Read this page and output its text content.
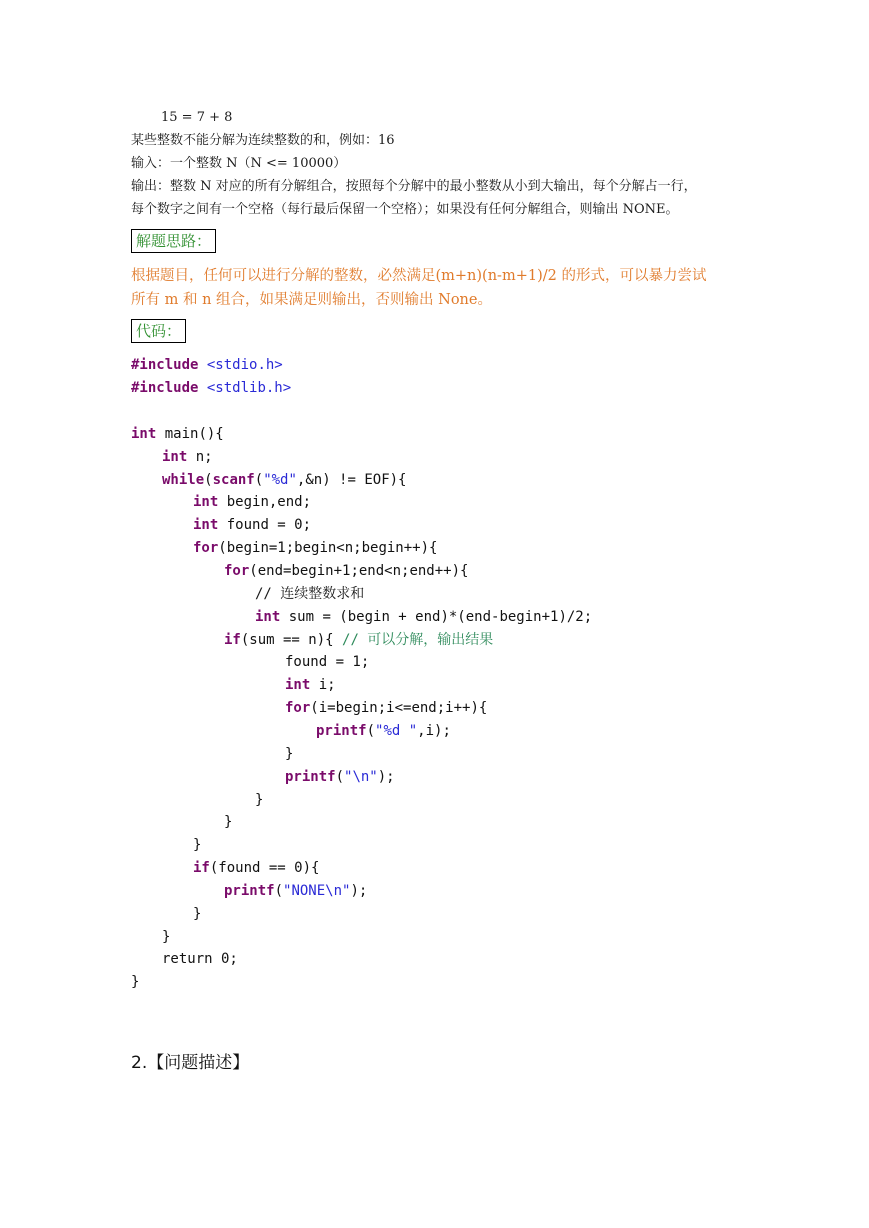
15 = 7 + 8
某些整数不能分解为连续整数的和，例如：16
输入：一个整数 N（N <= 10000）
输出：整数 N 对应的所有分解组合，按照每个分解中的最小整数从小到大输出，每个分解占一行，
每个数字之间有一个空格（每行最后保留一个空格）；如果没有任何分解组合，则输出 NONE。
解题思路：
根据题目，任何可以进行分解的整数，必然满足(m+n)(n-m+1)/2 的形式，可以暴力尝试
所有 m 和 n 组合，如果满足则输出，否则输出 None。
代码：
#include <stdio.h>
#include <stdlib.h>
int main(){
int n;
while(scanf("%d",&n) != EOF){
int begin,end;
int found = 0;
for(begin=1;begin<n;begin++){
for(end=begin+1;end<n;end++){
// 连续整数求和
int sum = (begin + end)*(end-begin+1)/2;
if(sum == n){ // 可以分解，输出结果
found = 1;
int i;
for(i=begin;i<=end;i++){
printf("%d ",i);
}
printf("\n");
}
}
}
if(found == 0){
printf("NONE\n");
}
}
return 0;
}
2.【问题描述】
